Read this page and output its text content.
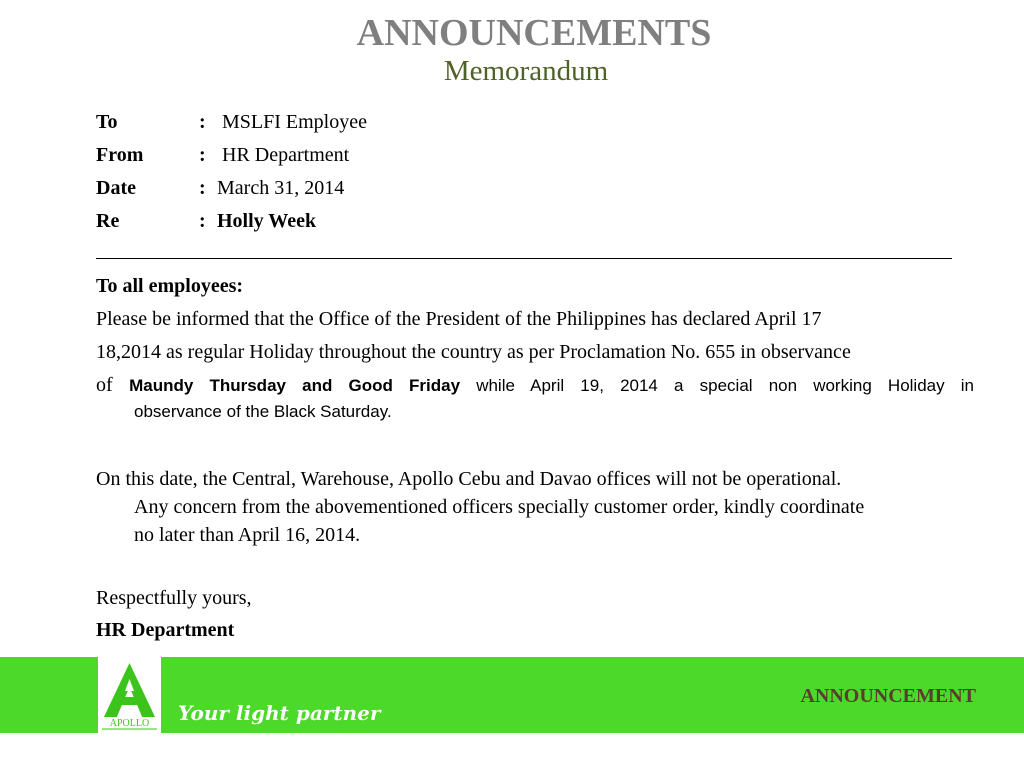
ANNOUNCEMENTS
Memorandum
To	: MSLFI Employee
From	: HR Department
Date	: March 31, 2014
Re	: Holly Week
To all employees:
Please be informed that the Office of the President of the Philippines has declared April 17
18,2014 as regular Holiday throughout the country as per Proclamation No. 655 in observance
of Maundy Thursday and Good Friday while April 19, 2014 a special non working Holiday in
observance of the Black Saturday.
On this date, the Central, Warehouse, Apollo Cebu and Davao offices will not be operational.
Any concern from the abovementioned officers specially customer order, kindly coordinate
no later than April 16, 2014.
Respectfully yours,
HR Department
APOLLO Your light partner
ANNOUNCEMENT
